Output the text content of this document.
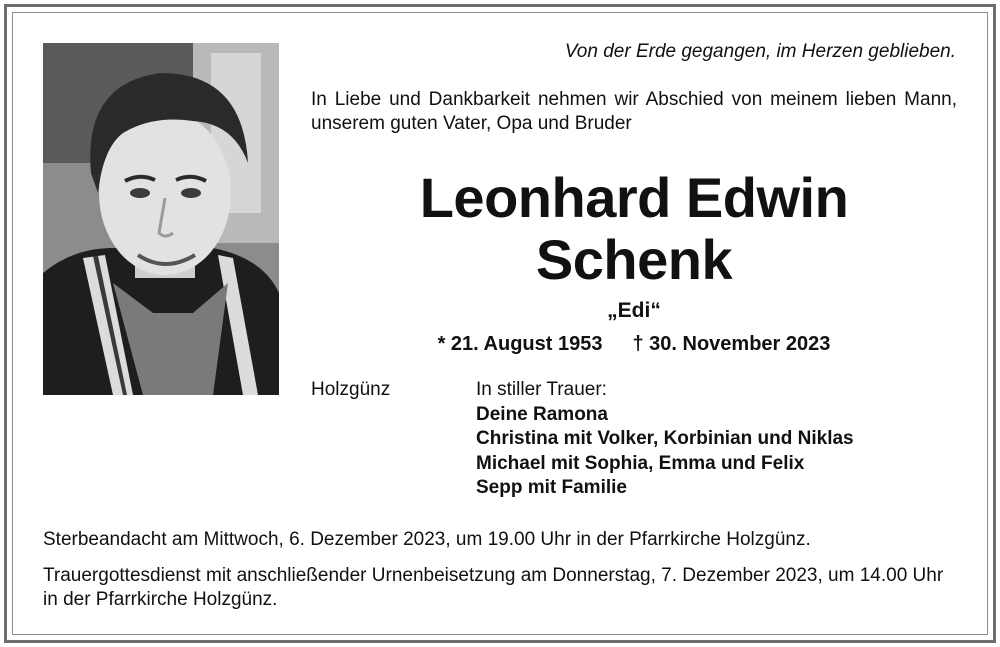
Von der Erde gegangen, im Herzen geblieben.
In Liebe und Dankbarkeit nehmen wir Abschied von meinem lieben Mann, unserem guten Vater, Opa und Bruder
Leonhard Edwin
Schenk
„Edi“
* 21. August 1953 † 30. November 2023
Holzgünz	In stiller Trauer:
Deine Ramona
Christina mit Volker, Korbinian und Niklas
Michael mit Sophia, Emma und Felix
Sepp mit Familie
Sterbeandacht am Mittwoch, 6. Dezember 2023, um 19.00 Uhr in der Pfarrkirche Holzgünz.
Trauergottesdienst mit anschließender Urnenbeisetzung am Donnerstag, 7. Dezember 2023, um 14.00 Uhr in der Pfarrkirche Holzgünz.
